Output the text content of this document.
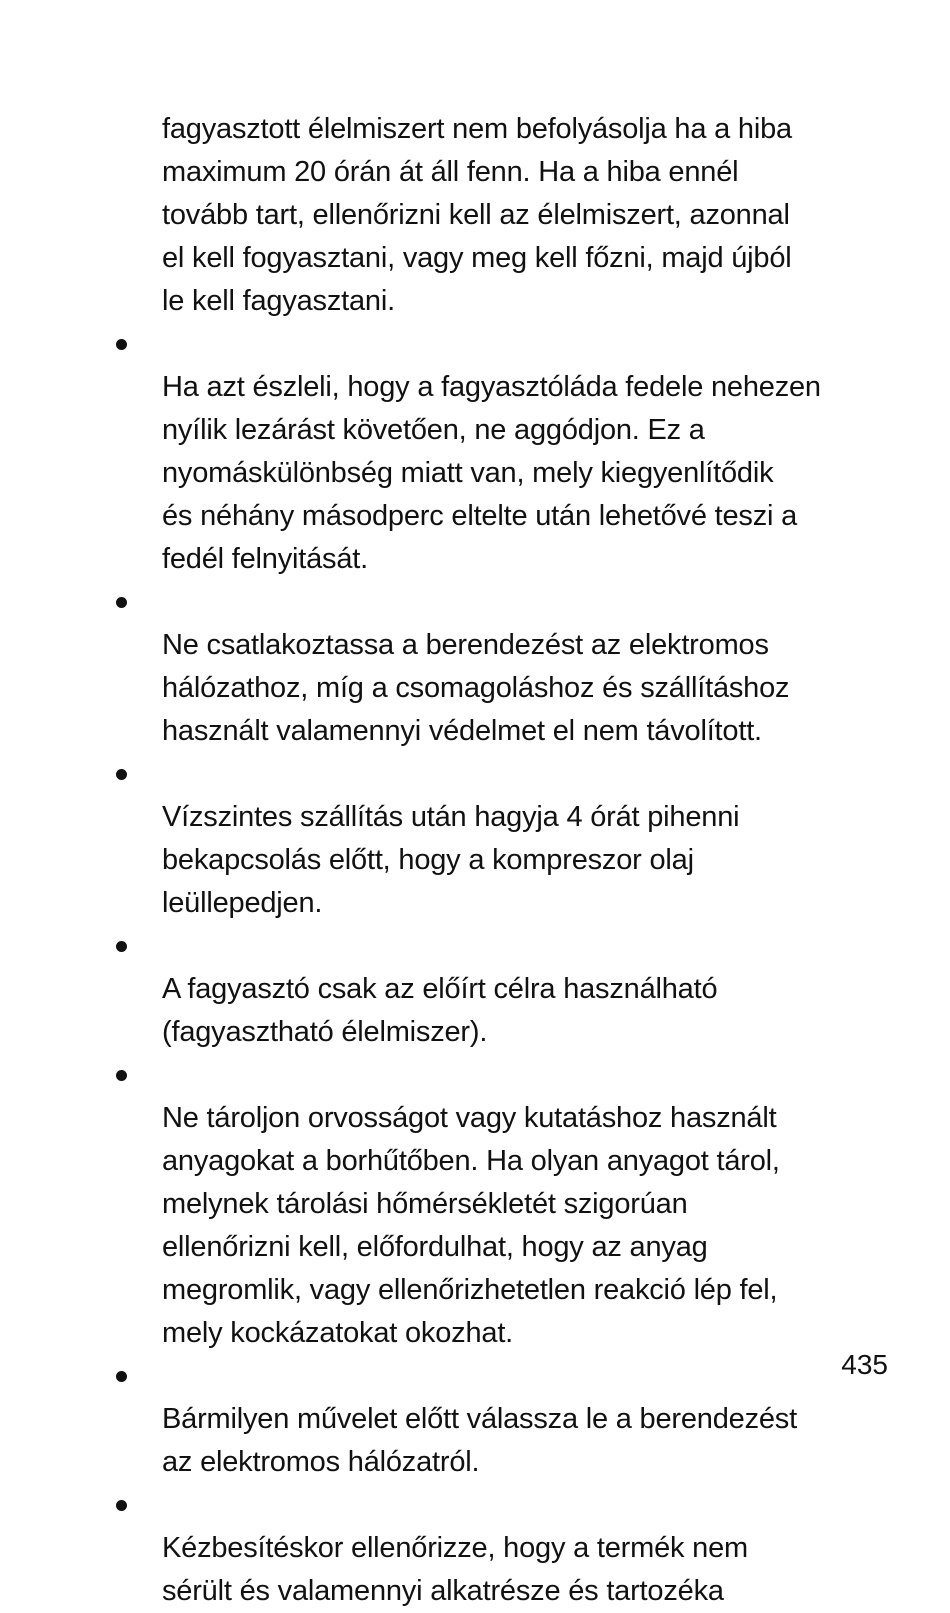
fagyasztott élelmiszert nem befolyásolja ha a hiba
maximum 20 órán át áll fenn. Ha a hiba ennél
tovább tart, ellenőrizni kell az élelmiszert, azonnal
el kell fogyasztani, vagy meg kell főzni, majd újból
le kell fagyasztani.

Ha azt észleli, hogy a fagyasztóláda fedele nehezen
nyílik lezárást követően, ne aggódjon. Ez a
nyomáskülönbség miatt van, mely kiegyenlítődik
és néhány másodperc eltelte után lehetővé teszi a
fedél felnyitását.

Ne csatlakoztassa a berendezést az elektromos
hálózathoz, míg a csomagoláshoz és szállításhoz
használt valamennyi védelmet el nem távolított.

Vízszintes szállítás után hagyja 4 órát pihenni
bekapcsolás előtt, hogy a kompreszor olaj
leüllepedjen.

A fagyasztó csak az előírt célra használható
(fagyasztható élelmiszer).

Ne tároljon orvosságot vagy kutatáshoz használt
anyagokat a borhűtőben. Ha olyan anyagot tárol,
melynek tárolási hőmérsékletét szigorúan
ellenőrizni kell, előfordulhat, hogy az anyag
megromlik, vagy ellenőrizhetetlen reakció lép fel,
mely kockázatokat okozhat.

Bármilyen művelet előtt válassza le a berendezést
az elektromos hálózatról.

Kézbesítéskor ellenőrizze, hogy a termék nem
sérült és valamennyi alkatrésze és tartozéka

435
